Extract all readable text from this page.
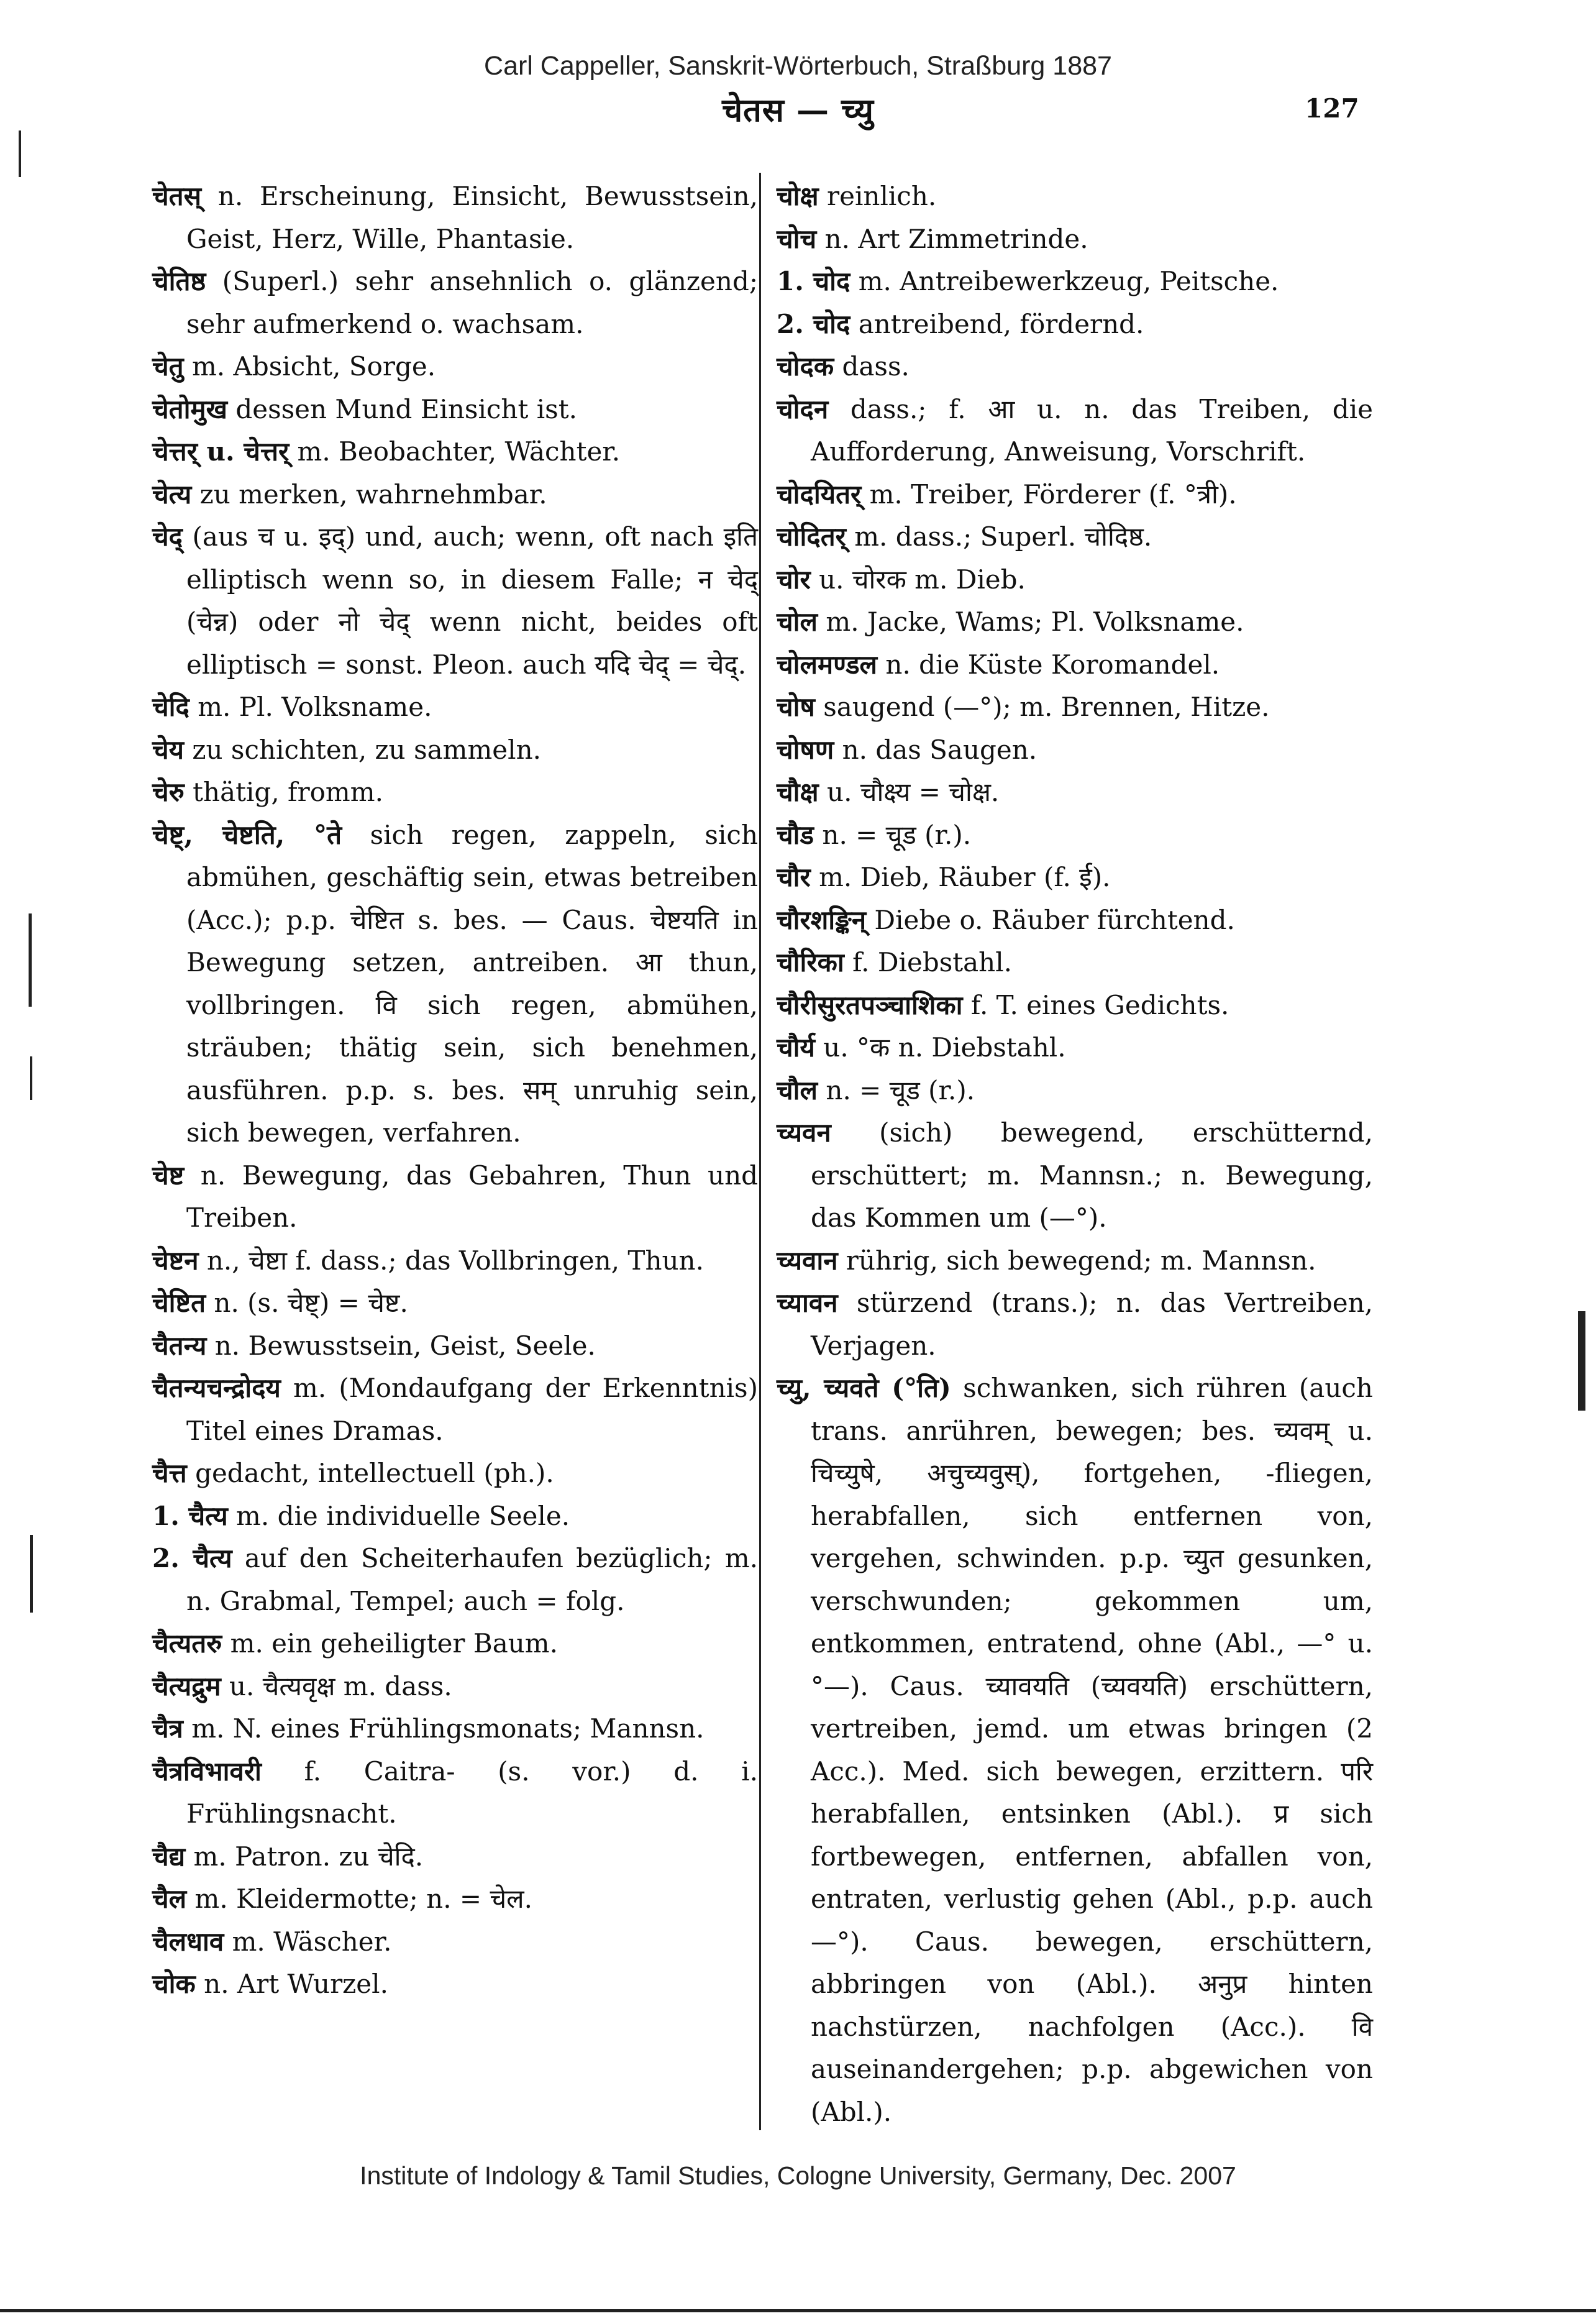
Carl Cappeller, Sanskrit-Wörterbuch, Straßburg 1887
चेतस — च्यु	127
चेतस् n. Erscheinung, Einsicht, Bewusstsein, Geist, Herz, Wille, Phantasie.
चेतिष्ठ (Superl.) sehr ansehnlich o. glänzend; sehr aufmerkend o. wachsam.
चेतु m. Absicht, Sorge.
चेतोमुख dessen Mund Einsicht ist.
चेत्तर् u. चेत्तर् m. Beobachter, Wächter.
चेत्य zu merken, wahrnehmbar.
चेद् (aus च u. इद्) und, auch; wenn, oft nach इति elliptisch wenn so, in diesem Falle; न चेद् (चेन्न) oder नो चेद् wenn nicht, beides oft elliptisch = sonst. Pleon. auch यदि चेद् = चेद्.
चेदि m. Pl. Volksname.
चेय zu schichten, zu sammeln.
चेरु thätig, fromm.
चेष्ट्, चेष्टति, °ते sich regen, zappeln, sich abmühen, geschäftig sein, etwas betreiben (Acc.); p.p. चेष्टित s. bes. — Caus. चेष्टयति in Bewegung setzen, antreiben. आ thun, vollbringen. वि sich regen, abmühen, sträuben; thätig sein, sich benehmen, ausführen. p.p. s. bes. सम् unruhig sein, sich bewegen, verfahren.
चेष्ट n. Bewegung, das Gebahren, Thun und Treiben.
चेष्टन n., चेष्टा f. dass.; das Vollbringen, Thun.
चेष्टित n. (s. चेष्ट्) = चेष्ट.
चैतन्य n. Bewusstsein, Geist, Seele.
चैतन्यचन्द्रोदय m. (Mondaufgang der Erkenntnis) Titel eines Dramas.
चैत्त gedacht, intellectuell (ph.).
1. चैत्य m. die individuelle Seele.
2. चैत्य auf den Scheiterhaufen bezüglich; m. n. Grabmal, Tempel; auch = folg.
चैत्यतरु m. ein geheiligter Baum.
चैत्यद्रुम u. चैत्यवृक्ष m. dass.
चैत्र m. N. eines Frühlingsmonats; Mannsn.
चैत्रविभावरी f. Caitra- (s. vor.) d. i. Frühlingsnacht.
चैद्य m. Patron. zu चेदि.
चैल m. Kleidermotte; n. = चेल.
चैलधाव m. Wäscher.
चोक n. Art Wurzel.
चोक्ष reinlich.
चोच n. Art Zimmetrinde.
1. चोद m. Antreibewerkzeug, Peitsche.
2. चोद antreibend, fördernd.
चोदक dass.
चोदन dass.; f. आ u. n. das Treiben, die Aufforderung, Anweisung, Vorschrift.
चोदयितर् m. Treiber, Förderer (f. °त्री).
चोदितर् m. dass.; Superl. चोदिष्ठ.
चोर u. चोरक m. Dieb.
चोल m. Jacke, Wams; Pl. Volksname.
चोलमण्डल n. die Küste Koromandel.
चोष saugend (—°); m. Brennen, Hitze.
चोषण n. das Saugen.
चौक्ष u. चौक्ष्य = चोक्ष.
चौड n. = चूड (r.).
चौर m. Dieb, Räuber (f. ई).
चौरशङ्किन् Diebe o. Räuber fürchtend.
चौरिका f. Diebstahl.
चौरीसुरतपञ्चाशिका f. T. eines Gedichts.
चौर्य u. °क n. Diebstahl.
चौल n. = चूड (r.).
च्यवन (sich) bewegend, erschütternd, erschüttert; m. Mannsn.; n. Bewegung, das Kommen um (—°).
च्यवान rührig, sich bewegend; m. Mannsn.
च्यावन stürzend (trans.); n. das Vertreiben, Verjagen.
च्यु, च्यवते (°ति) schwanken, sich rühren (auch trans. anrühren, bewegen; bes. च्यवम् u. चिच्युषे, अचुच्यवुस्), fortgehen, -fliegen, herabfallen, sich entfernen von, vergehen, schwinden. p.p. च्युत gesunken, verschwunden; gekommen um, entkommen, entratend, ohne (Abl., —° u. °—). Caus. च्यावयति (च्यवयति) erschüttern, vertreiben, jemd. um etwas bringen (2 Acc.). Med. sich bewegen, erzittern. परि herabfallen, entsinken (Abl.). प्र sich fortbewegen, entfernen, abfallen von, entraten, verlustig gehen (Abl., p.p. auch —°). Caus. bewegen, erschüttern, abbringen von (Abl.). अनुप्र hinten nachstürzen, nachfolgen (Acc.). वि auseinandergehen; p.p. abgewichen von (Abl.).
Institute of Indology & Tamil Studies, Cologne University, Germany, Dec. 2007
